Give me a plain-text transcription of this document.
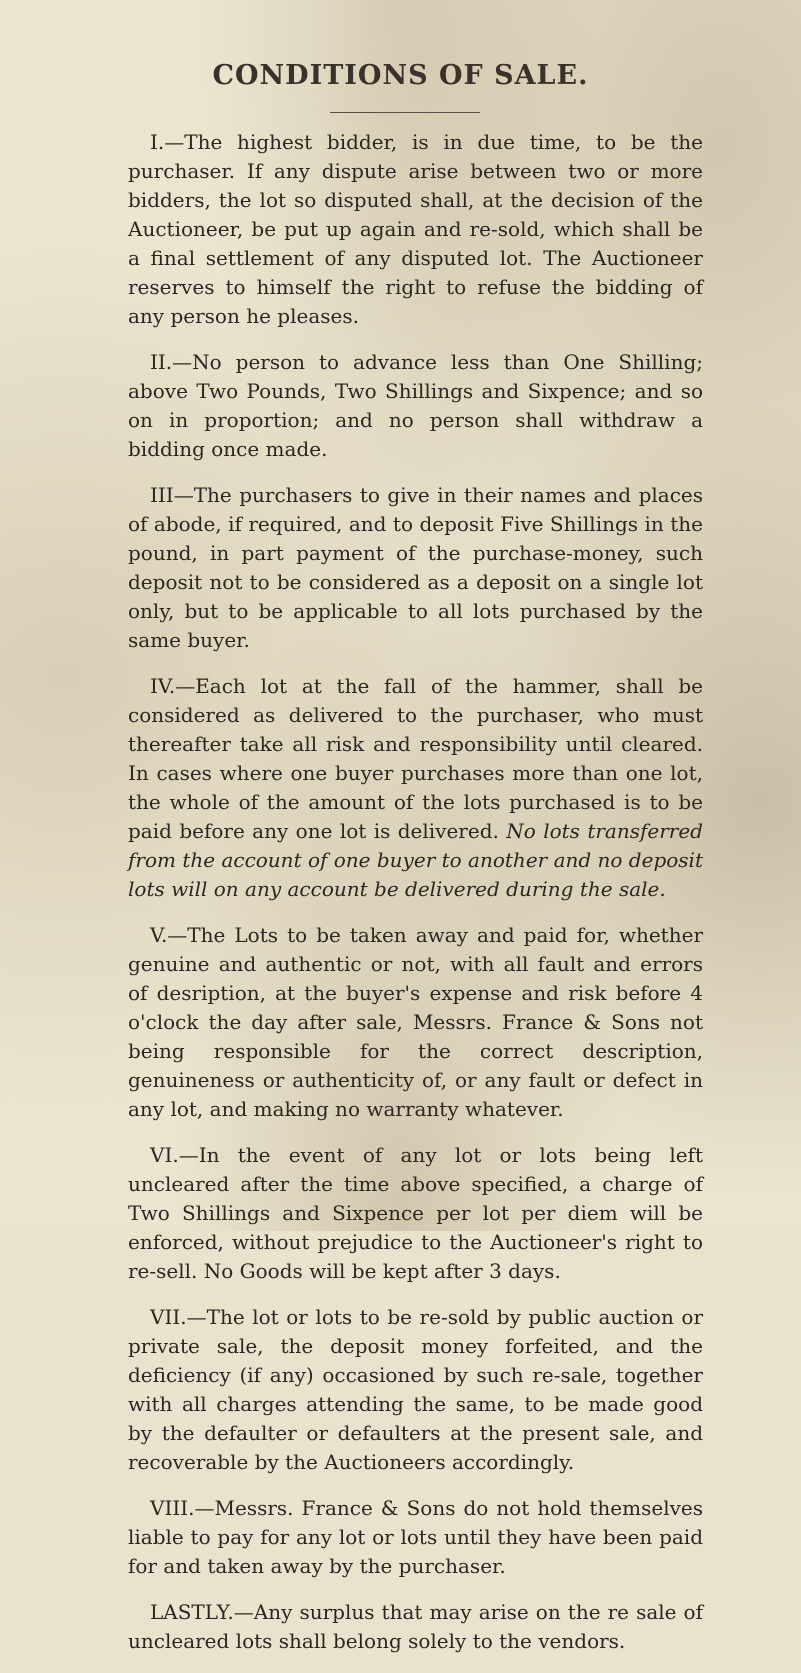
CONDITIONS OF SALE.

I.—The highest bidder, is in due time, to be the purchaser. If any dispute arise between two or more bidders, the lot so disputed shall, at the decision of the Auctioneer, be put up again and re-sold, which shall be a final settlement of any disputed lot. The Auctioneer reserves to himself the right to refuse the bidding of any person he pleases.

II.—No person to advance less than One Shilling; above Two Pounds, Two Shillings and Sixpence; and so on in proportion; and no person shall withdraw a bidding once made.

III—The purchasers to give in their names and places of abode, if required, and to deposit Five Shillings in the pound, in part payment of the purchase-money, such deposit not to be considered as a deposit on a single lot only, but to be applicable to all lots purchased by the same buyer.

IV.—Each lot at the fall of the hammer, shall be considered as delivered to the purchaser, who must thereafter take all risk and responsibility until cleared. In cases where one buyer purchases more than one lot, the whole of the amount of the lots purchased is to be paid before any one lot is delivered. No lots transferred from the account of one buyer to another and no deposit lots will on any account be delivered during the sale.

V.—The Lots to be taken away and paid for, whether genuine and authentic or not, with all fault and errors of desription, at the buyer's expense and risk before 4 o'clock the day after sale, Messrs. France & Sons not being responsible for the correct description, genuineness or authenticity of, or any fault or defect in any lot, and making no warranty whatever.

VI.—In the event of any lot or lots being left uncleared after the time above specified, a charge of Two Shillings and Sixpence per lot per diem will be enforced, without prejudice to the Auctioneer's right to re-sell. No Goods will be kept after 3 days.

VII.—The lot or lots to be re-sold by public auction or private sale, the deposit money forfeited, and the deficiency (if any) occasioned by such re-sale, together with all charges attending the same, to be made good by the defaulter or defaulters at the present sale, and recoverable by the Auctioneers accordingly.

VIII.—Messrs. France & Sons do not hold themselves liable to pay for any lot or lots until they have been paid for and taken away by the purchaser.

LASTLY.—Any surplus that may arise on the re sale of uncleared lots shall belong solely to the vendors.
